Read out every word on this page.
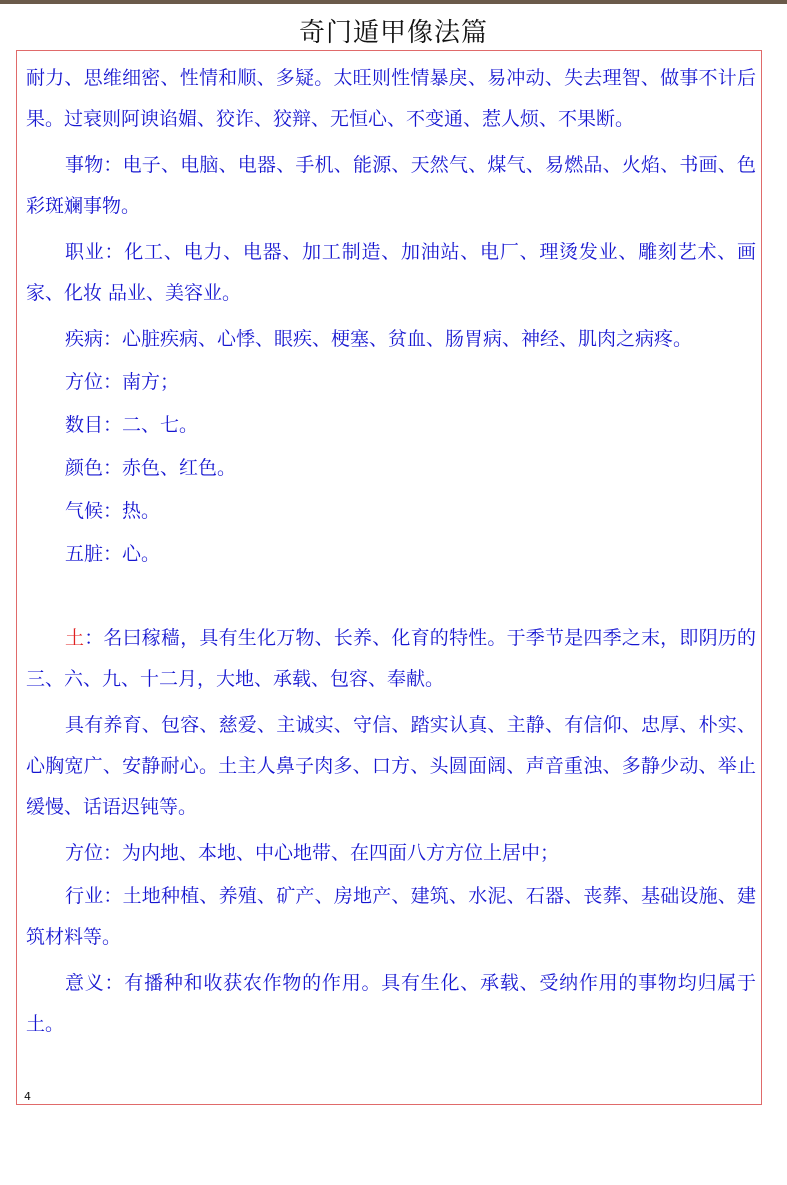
奇门遁甲像法篇

耐力、思维细密、性情和顺、多疑。太旺则性情暴戾、易冲动、失去理智、做事不计后果。过衰则阿谀谄媚、狡诈、狡辩、无恒心、不变通、惹人烦、不果断。

事物：电子、电脑、电器、手机、能源、天然气、煤气、易燃品、火焰、书画、色彩斑斓事物。

职业：化工、电力、电器、加工制造、加油站、电厂、理烫发业、雕刻艺术、画家、化妆 品业、美容业。

疾病：心脏疾病、心悸、眼疾、梗塞、贫血、肠胃病、神经、肌肉之病疼。

方位：南方；

数目：二、七。

颜色：赤色、红色。

气候：热。

五脏：心。

土：名曰稼穑，具有生化万物、长养、化育的特性。于季节是四季之末，即阴历的三、六、九、十二月，大地、承载、包容、奉献。

具有养育、包容、慈爱、主诚实、守信、踏实认真、主静、有信仰、忠厚、朴实、心胸宽广、安静耐心。土主人鼻子肉多、口方、头圆面阔、声音重浊、多静少动、举止缓慢、话语迟钝等。

方位：为内地、本地、中心地带、在四面八方方位上居中；

行业：土地种植、养殖、矿产、房地产、建筑、水泥、石器、丧葬、基础设施、建筑材料等。

意义：有播种和收获农作物的作用。具有生化、承载、受纳作用的事物均归属于土。

4
